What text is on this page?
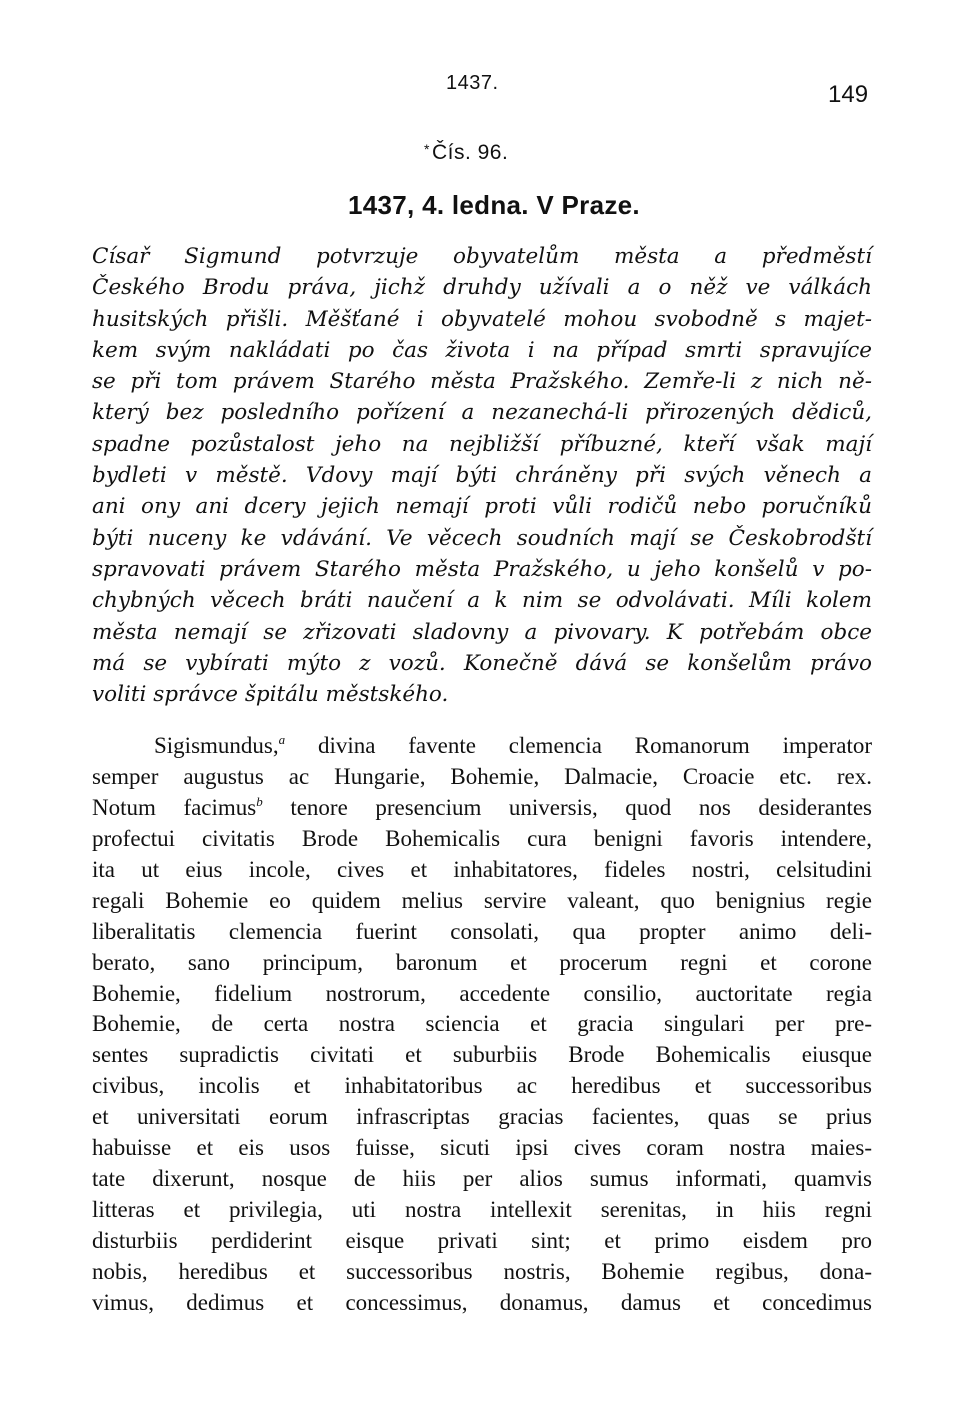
1437.	149
*Čís. 96.
1437, 4. ledna. V Praze.
Císař Sigmund potvrzuje obyvatelům města a předměstí
Českého Brodu práva, jichž druhdy užívali a o něž ve válkách
husitských přišli. Měšťané i obyvatelé mohou svobodně s majet-
kem svým nakládati po čas života i na případ smrti spravujíce
se při tom právem Starého města Pražského. Zemře-li z nich ně-
který bez posledního pořízení a nezanechá-li přirozených dědiců,
spadne pozůstalost jeho na nejbližší příbuzné, kteří však mají
bydleti v městě. Vdovy mají býti chráněny při svých věnech a
ani ony ani dcery jejich nemají proti vůli rodičů nebo poručníků
býti nuceny ke vdávání. Ve věcech soudních mají se Českobrodští
spravovati právem Starého města Pražského, u jeho konšelů v po-
chybných věcech bráti naučení a k nim se odvolávati. Míli kolem
města nemají se zřizovati sladovny a pivovary. K potřebám obce
má se vybírati mýto z vozů. Konečně dává se konšelům právo
voliti správce špitálu městského.
Sigismundus,$^a$ divina favente clemencia Romanorum imperator
semper augustus ac Hungarie, Bohemie, Dalmacie, Croacie etc. rex.
Notum facimus$^b$ tenore presencium universis, quod nos desiderantes
profectui civitatis Brode Bohemicalis cura benigni favoris intendere,
ita ut eius incole, cives et inhabitatores, fideles nostri, celsitudini
regali Bohemie eo quidem melius servire valeant, quo benignius regie
liberalitatis clemencia fuerint consolati, qua propter animo deli-
berato, sano principum, baronum et procerum regni et corone
Bohemie, fidelium nostrorum, accedente consilio, auctoritate regia
Bohemie, de certa nostra sciencia et gracia singulari per pre-
sentes supradictis civitati et suburbiis Brode Bohemicalis eiusque
civibus, incolis et inhabitatoribus ac heredibus et successoribus
et universitati eorum infrascriptas gracias facientes, quas se prius
habuisse et eis usos fuisse, sicuti ipsi cives coram nostra maies-
tate dixerunt, nosque de hiis per alios sumus informati, quamvis
litteras et privilegia, uti nostra intellexit serenitas, in hiis regni
disturbiis perdiderint eisque privati sint; et primo eisdem pro
nobis, heredibus et successoribus nostris, Bohemie regibus, dona-
vimus, dedimus et concessimus, donamus, damus et concedimus
